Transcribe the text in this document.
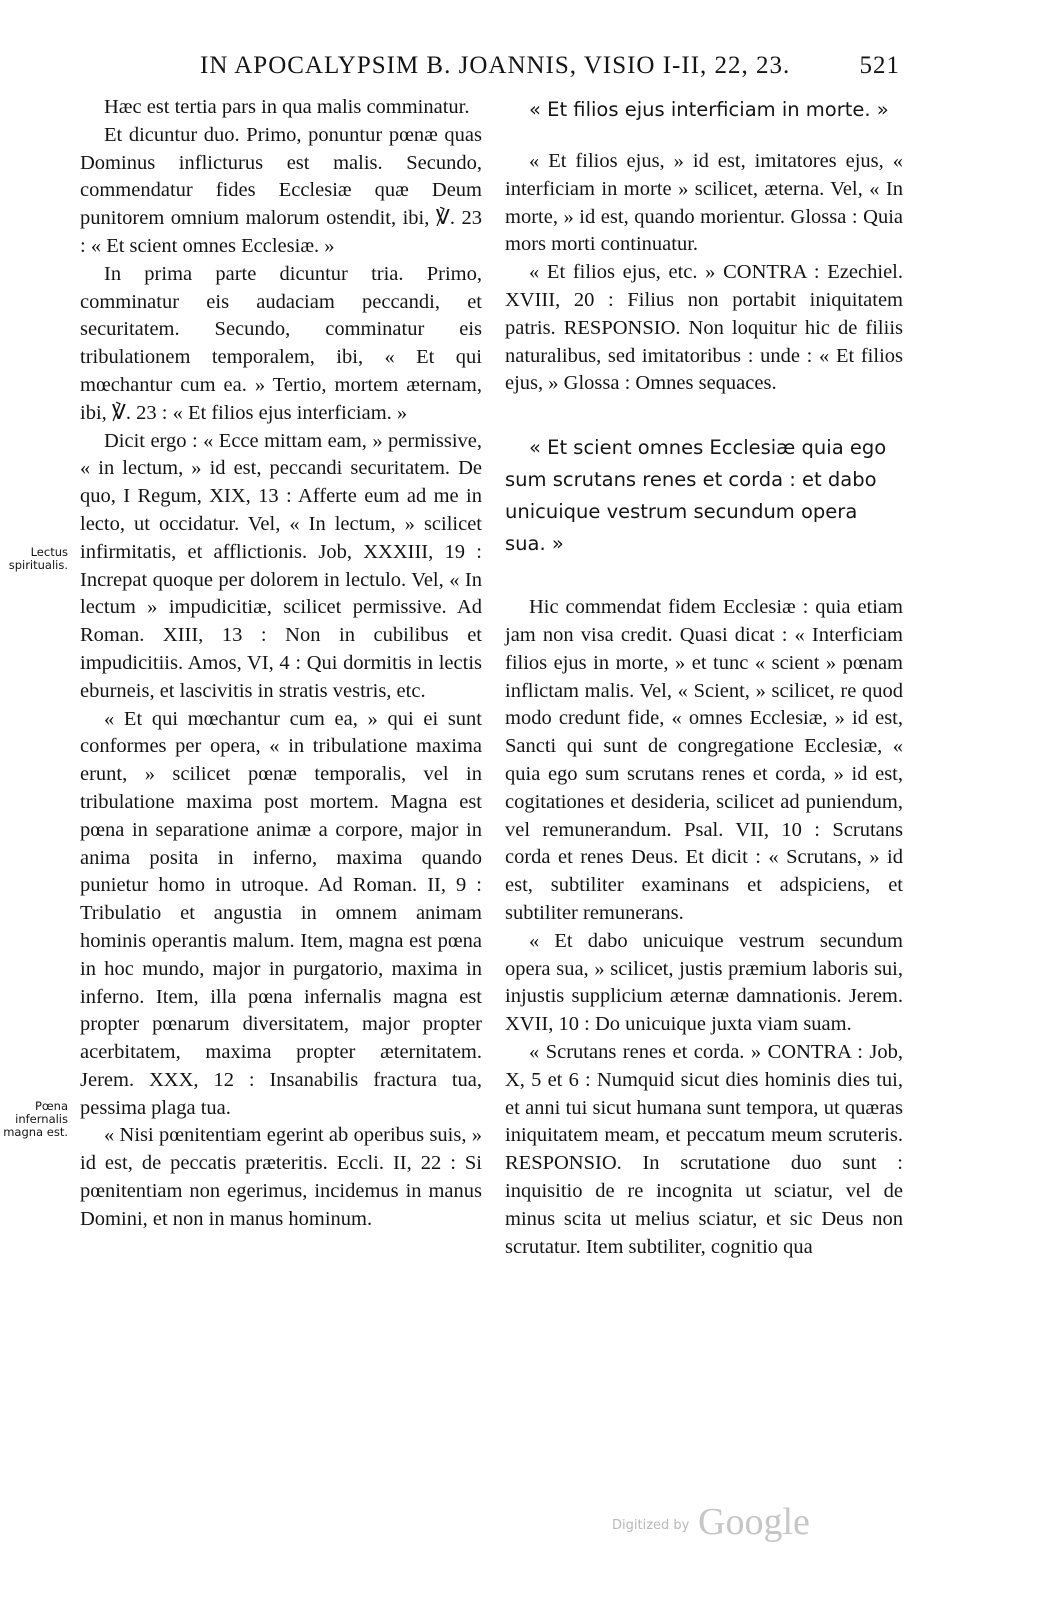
IN APOCALYPSIM B. JOANNIS, VISIO I-II, 22, 23.	521
Lectus spiritualis.
Pœna infernalis magna est.

Hæc est tertia pars in qua malis comminatur.

Et dicuntur duo. Primo, ponuntur pœnæ quas Dominus inflicturus est malis. Secundo, commendatur fides Ecclesiæ quæ Deum punitorem omnium malorum ostendit, ibi, ℣. 23 : « Et scient omnes Ecclesiæ. »

In prima parte dicuntur tria. Primo, comminatur eis audaciam peccandi, et securitatem. Secundo, comminatur eis tribulationem temporalem, ibi, « Et qui mœchantur cum ea. » Tertio, mortem æternam, ibi, ℣. 23 : « Et filios ejus interficiam. »

Dicit ergo : « Ecce mittam eam, » permissive, « in lectum, » id est, peccandi securitatem. De quo, I Regum, XIX, 13 : Afferte eum ad me in lecto, ut occidatur. Vel, « In lectum, » scilicet infirmitatis, et afflictionis. Job, XXXIII, 19 : Increpat quoque per dolorem in lectulo. Vel, « In lectum » impudicitiæ, scilicet permissive. Ad Roman. XIII, 13 : Non in cubilibus et impudicitiis. Amos, VI, 4 : Qui dormitis in lectis eburneis, et lascivitis in stratis vestris, etc.

« Et qui mœchantur cum ea, » qui ei sunt conformes per opera, « in tribulatione maxima erunt, » scilicet pœnæ temporalis, vel in tribulatione maxima post mortem. Magna est pœna in separatione animæ a corpore, major in anima posita in inferno, maxima quando punietur homo in utroque. Ad Roman. II, 9 : Tribulatio et angustia in omnem animam hominis operantis malum. Item, magna est pœna in hoc mundo, major in purgatorio, maxima in inferno. Item, illa pœna infernalis magna est propter pœnarum diversitatem, major propter acerbitatem, maxima propter æternitatem. Jerem. XXX, 12 : Insanabilis fractura tua, pessima plaga tua.

« Nisi pœnitentiam egerint ab operibus suis, » id est, de peccatis præteritis. Eccli. II, 22 : Si pœnitentiam non egerimus, incidemus in manus Domini, et non in manus hominum.

« Et filios ejus interficiam in morte. »

« Et filios ejus, » id est, imitatores ejus, « interficiam in morte » scilicet, æterna. Vel, « In morte, » id est, quando morientur. Glossa : Quia mors morti continuatur.

« Et filios ejus, etc. » CONTRA : Ezechiel. XVIII, 20 : Filius non portabit iniquitatem patris. RESPONSIO. Non loquitur hic de filiis naturalibus, sed imitatoribus : unde : « Et filios ejus, » Glossa : Omnes sequaces.

« Et scient omnes Ecclesiæ quia ego sum scrutans renes et corda : et dabo unicuique vestrum secundum opera sua. »

Hic commendat fidem Ecclesiæ : quia etiam jam non visa credit. Quasi dicat : « Interficiam filios ejus in morte, » et tunc « scient » pœnam inflictam malis. Vel, « Scient, » scilicet, re quod modo credunt fide, « omnes Ecclesiæ, » id est, Sancti qui sunt de congregatione Ecclesiæ, « quia ego sum scrutans renes et corda, » id est, cogitationes et desideria, scilicet ad puniendum, vel remunerandum. Psal. VII, 10 : Scrutans corda et renes Deus. Et dicit : « Scrutans, » id est, subtiliter examinans et adspiciens, et subtiliter remunerans.

« Et dabo unicuique vestrum secundum opera sua, » scilicet, justis præmium laboris sui, injustis supplicium æternæ damnationis. Jerem. XVII, 10 : Do unicuique juxta viam suam.

« Scrutans renes et corda. » CONTRA : Job, X, 5 et 6 : Numquid sicut dies hominis dies tui, et anni tui sicut humana sunt tempora, ut quæras iniquitatem meam, et peccatum meum scruteris. RESPONSIO. In scrutatione duo sunt : inquisitio de re incognita ut sciatur, vel de minus scita ut melius sciatur, et sic Deus non scrutatur. Item subtiliter, cognitio qua

Digitized by Google
